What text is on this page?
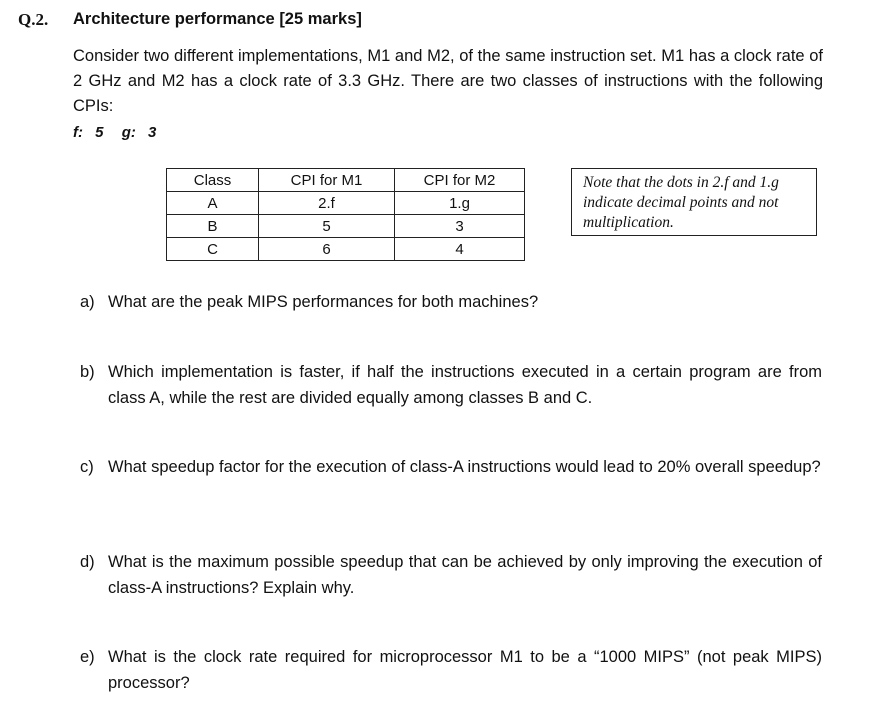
Q.2. Architecture performance [25 marks]
Consider two different implementations, M1 and M2, of the same instruction set. M1 has a clock rate of 2 GHz and M2 has a clock rate of 3.3 GHz. There are two classes of instructions with the following CPIs:
f: 5 g: 3
Class	CPI for M1	CPI for M2
A	2.f	1.g
B	5	3
C	6	4
Note that the dots in 2.f and 1.g indicate decimal points and not multiplication.
a) What are the peak MIPS performances for both machines?
b) Which implementation is faster, if half the instructions executed in a certain program are from class A, while the rest are divided equally among classes B and C.
c) What speedup factor for the execution of class-A instructions would lead to 20% overall speedup?
d) What is the maximum possible speedup that can be achieved by only improving the execution of class-A instructions? Explain why.
e) What is the clock rate required for microprocessor M1 to be a “1000 MIPS” (not peak MIPS) processor?
